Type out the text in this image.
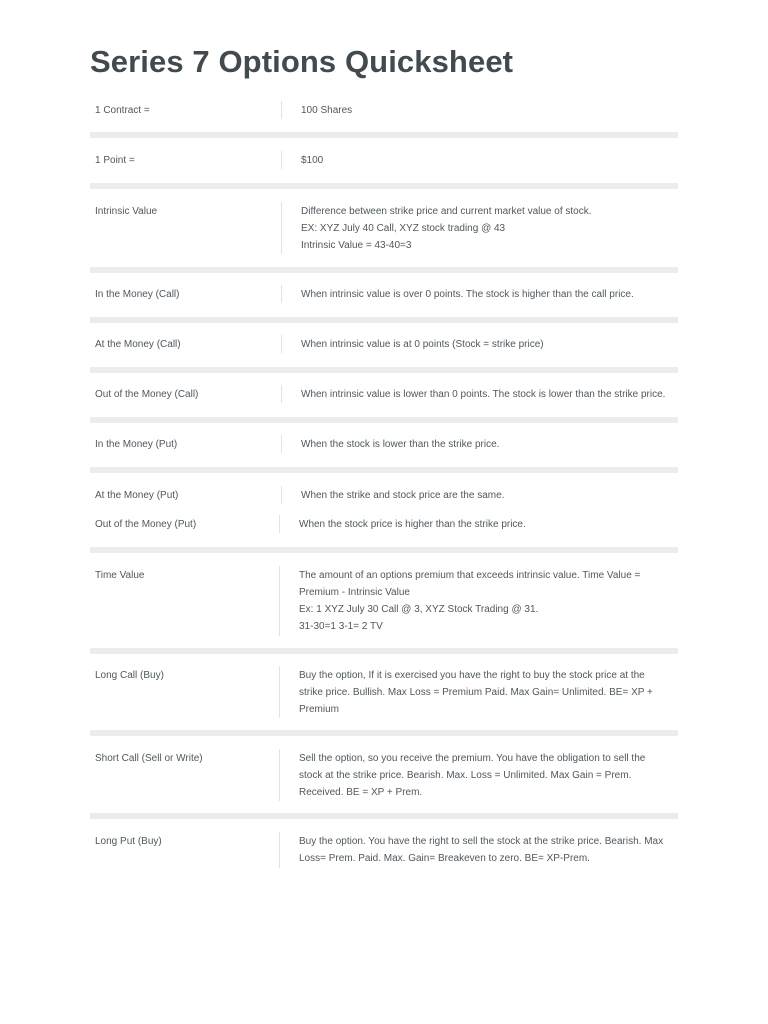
Series 7 Options Quicksheet
1 Contract =	100 Shares
1 Point =	$100
Intrinsic Value	Difference between strike price and current market value of stock.
EX: XYZ July 40 Call, XYZ stock trading @ 43
Intrinsic Value = 43-40=3
In the Money (Call)	When intrinsic value is over 0 points. The stock is higher than the call price.
At the Money (Call)	When intrinsic value is at 0 points (Stock = strike price)
Out of the Money (Call)	When intrinsic value is lower than 0 points. The stock is lower than the strike price.
In the Money (Put)	When the stock is lower than the strike price.
At the Money (Put)	When the strike and stock price are the same.
Out of the Money (Put)	When the stock price is higher than the strike price.
Time Value	The amount of an options premium that exceeds intrinsic value. Time Value =
Premium - Intrinsic Value
Ex: 1 XYZ July 30 Call @ 3, XYZ Stock Trading @ 31.
31-30=1 3-1= 2 TV
Long Call (Buy)	Buy the option, If it is exercised you have the right to buy the stock price at the
strike price. Bullish. Max Loss = Premium Paid. Max Gain= Unlimited. BE= XP +
Premium
Short Call (Sell or Write)	Sell the option, so you receive the premium. You have the obligation to sell the
stock at the strike price. Bearish. Max. Loss = Unlimited. Max Gain = Prem.
Received. BE = XP + Prem.
Long Put (Buy)	Buy the option. You have the right to sell the stock at the strike price. Bearish. Max
Loss= Prem. Paid. Max. Gain= Breakeven to zero. BE= XP-Prem.
